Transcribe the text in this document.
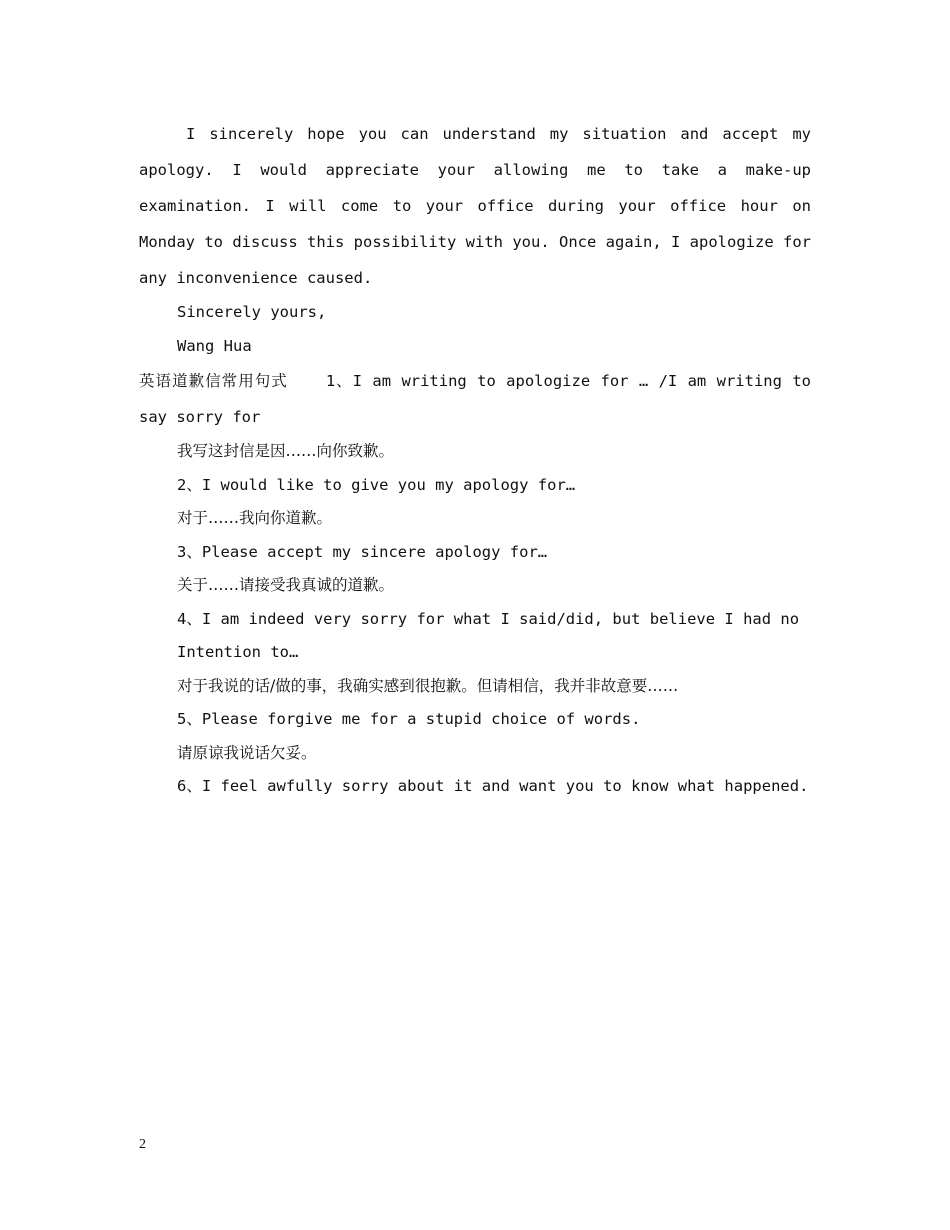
I sincerely hope you can understand my situation and accept my apology. I would appreciate your allowing me to take a make-up examination. I will come to your office during your office hour on Monday to discuss this possibility with you. Once again, I apologize for any inconvenience caused.

Sincerely yours,

Wang Hua

英语道歉信常用句式 1、I am writing to apologize for … /I am writing to say sorry for

我写这封信是因……向你致歉。

2、I would like to give you my apology for…

对于……我向你道歉。

3、Please accept my sincere apology for…

关于……请接受我真诚的道歉。

4、I am indeed very sorry for what I said/did, but believe I had no

Intention to…

对于我说的话/做的事，我确实感到很抱歉。但请相信，我并非故意要……

5、Please forgive me for a stupid choice of words.

请原谅我说话欠妥。

6、I feel awfully sorry about it and want you to know what happened.

2
